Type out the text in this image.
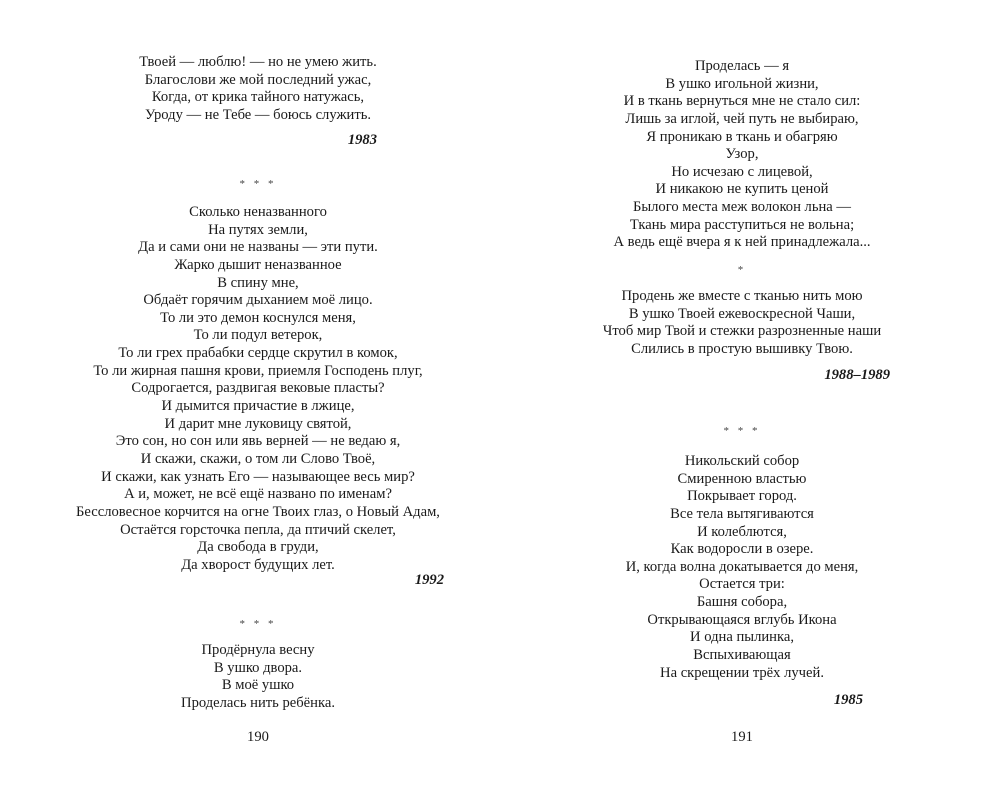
Твоей — люблю! — но не умею жить.
Благослови же мой последний ужас,
Когда, от крика тайного натужась,
Уроду — не Тебе — боюсь служить.
1983
* * *
Сколько неназванного
На путях земли,
Да и сами они не названы — эти пути.
Жарко дышит неназванное
В спину мне,
Обдаёт горячим дыханием моё лицо.
То ли это демон коснулся меня,
То ли подул ветерок,
То ли грех прабабки сердце скрутил в комок,
То ли жирная пашня крови, приемля Господень плуг,
Содрогается, раздвигая вековые пласты?
И дымится причастие в лжице,
И дарит мне луковицу святой,
Это сон, но сон или явь верней — не ведаю я,
И скажи, скажи, о том ли Слово Твоё,
И скажи, как узнать Его — называющее весь мир?
А и, может, не всё ещё названо по именам?
Бессловесное корчится на огне Твоих глаз, о Новый Адам,
Остаётся горсточка пепла, да птичий скелет,
Да свобода в груди,
Да хворост будущих лет.
1992
* * *
Продёрнула весну
В ушко двора.
В моё ушко
Проделась нить ребёнка.
190
Проделась — я
В ушко игольной жизни,
И в ткань вернуться мне не стало сил:
Лишь за иглой, чей путь не выбираю,
Я проникаю в ткань и обагряю
Узор,
Но исчезаю с лицевой,
И никакою не купить ценой
Былого места меж волокон льна —
Ткань мира расступиться не вольна;
А ведь ещё вчера я к ней принадлежала...
*
Продень же вместе с тканью нить мою
В ушко Твоей ежевоскресной Чаши,
Чтоб мир Твой и стежки разрозненные наши
Слились в простую вышивку Твою.
1988–1989
* * *
Никольский собор
Смиренною властью
Покрывает город.
Все тела вытягиваются
И колеблются,
Как водоросли в озере.
И, когда волна докатывается до меня,
Остается три:
Башня собора,
Открывающаяся вглубь Икона
И одна пылинка,
Вспыхивающая
На скрещении трёх лучей.
1985
191
